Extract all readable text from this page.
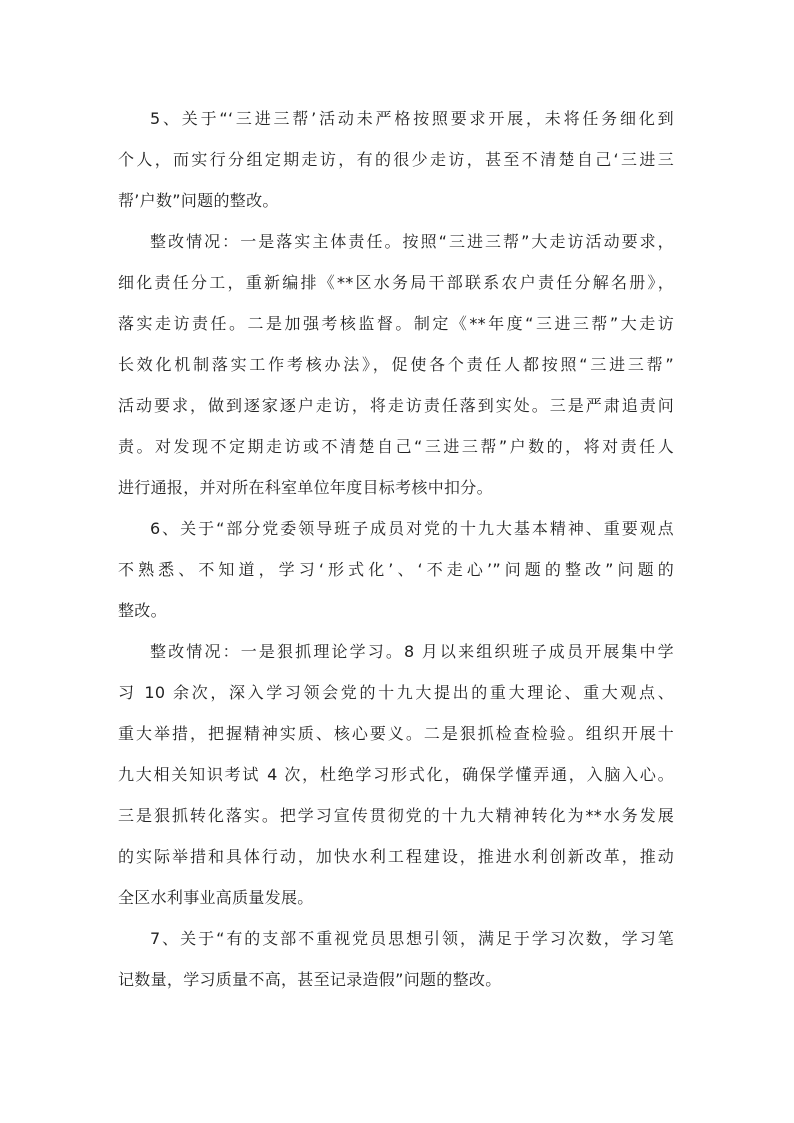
5、关于“‘三进三帮’活动未严格按照要求开展，未将任务细化到
个人，而实行分组定期走访，有的很少走访，甚至不清楚自己‘三进三
帮’户数”问题的整改。
整改情况：一是落实主体责任。按照“三进三帮”大走访活动要求，
细化责任分工，重新编排《**区水务局干部联系农户责任分解名册》，
落实走访责任。二是加强考核监督。制定《**年度“三进三帮”大走访
长效化机制落实工作考核办法》，促使各个责任人都按照“三进三帮”
活动要求，做到逐家逐户走访，将走访责任落到实处。三是严肃追责问
责。对发现不定期走访或不清楚自己“三进三帮”户数的，将对责任人
进行通报，并对所在科室单位年度目标考核中扣分。
6、关于“部分党委领导班子成员对党的十九大基本精神、重要观点
不熟悉、不知道，学习‘形式化’、‘不走心’”问题的整改”问题的
整改。
整改情况：一是狠抓理论学习。8 月以来组织班子成员开展集中学
习 10 余次，深入学习领会党的十九大提出的重大理论、重大观点、
重大举措，把握精神实质、核心要义。二是狠抓检查检验。组织开展十
九大相关知识考试 4 次，杜绝学习形式化，确保学懂弄通，入脑入心。
三是狠抓转化落实。把学习宣传贯彻党的十九大精神转化为**水务发展
的实际举措和具体行动，加快水利工程建设，推进水利创新改革，推动
全区水利事业高质量发展。
7、关于“有的支部不重视党员思想引领，满足于学习次数，学习笔
记数量，学习质量不高，甚至记录造假”问题的整改。
